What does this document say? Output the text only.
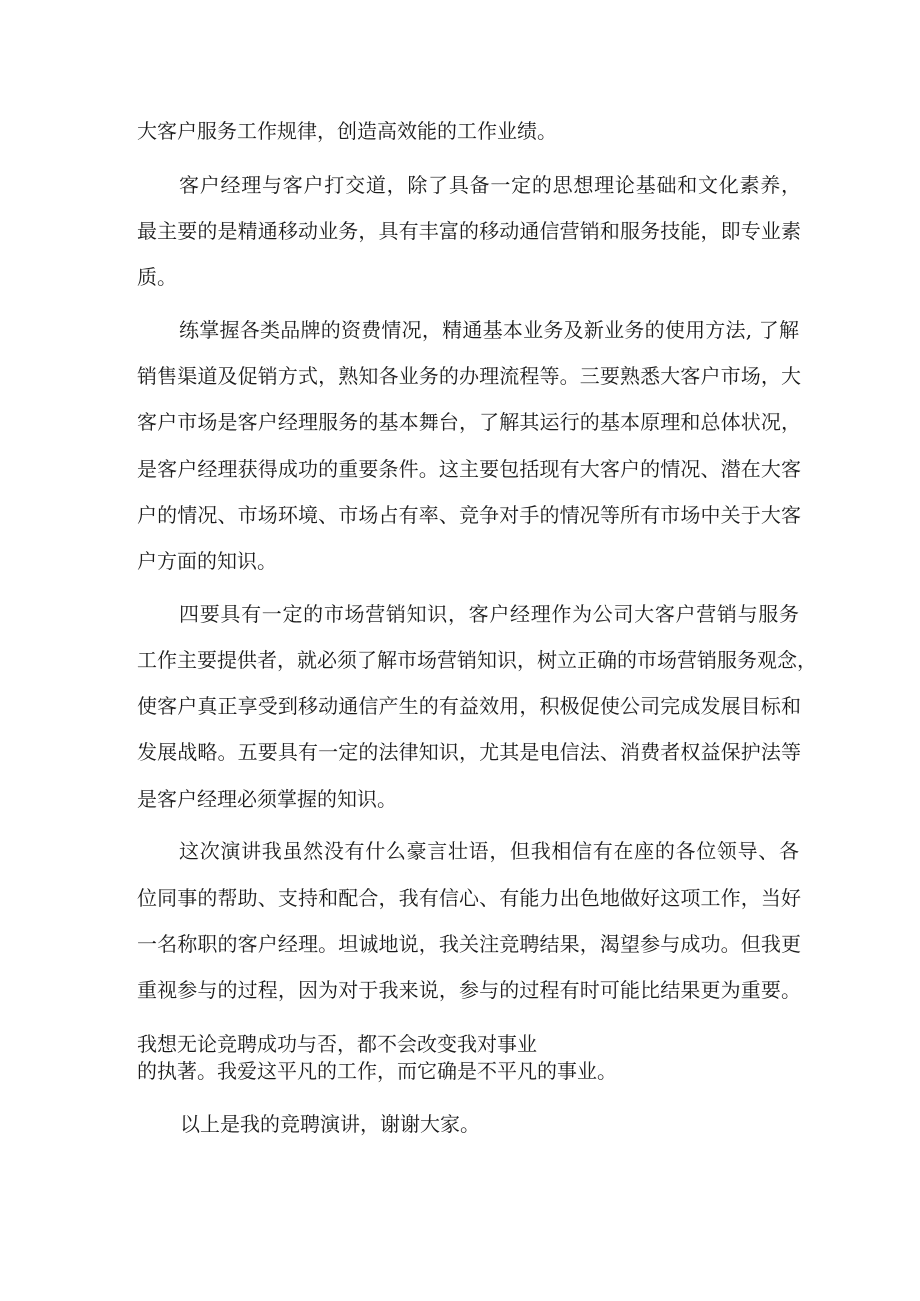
大客户服务工作规律，创造高效能的工作业绩。

客户经理与客户打交道，除了具备一定的思想理论基础和文化素养，

最主要的是精通移动业务，具有丰富的移动通信营销和服务技能，即专业素

质。

练掌握各类品牌的资费情况，精通基本业务及新业务的使用方法, 了解

销售渠道及促销方式，熟知各业务的办理流程等。三要熟悉大客户市场，大

客户市场是客户经理服务的基本舞台，了解其运行的基本原理和总体状况，

是客户经理获得成功的重要条件。这主要包括现有大客户的情况、潜在大客

户的情况、市场环境、市场占有率、竞争对手的情况等所有市场中关于大客

户方面的知识。

四要具有一定的市场营销知识，客户经理作为公司大客户营销与服务

工作主要提供者，就必须了解市场营销知识，树立正确的市场营销服务观念，

使客户真正享受到移动通信产生的有益效用，积极促使公司完成发展目标和

发展战略。五要具有一定的法律知识，尤其是电信法、消费者权益保护法等

是客户经理必须掌握的知识。

这次演讲我虽然没有什么豪言壮语，但我相信有在座的各位领导、各

位同事的帮助、支持和配合，我有信心、有能力出色地做好这项工作，当好

一名称职的客户经理。坦诚地说，我关注竞聘结果，渴望参与成功。但我更

重视参与的过程，因为对于我来说，参与的过程有时可能比结果更为重要。

我想无论竞聘成功与否，都不会改变我对事业

的执著。我爱这平凡的工作，而它确是不平凡的事业。

以上是我的竞聘演讲，谢谢大家。
